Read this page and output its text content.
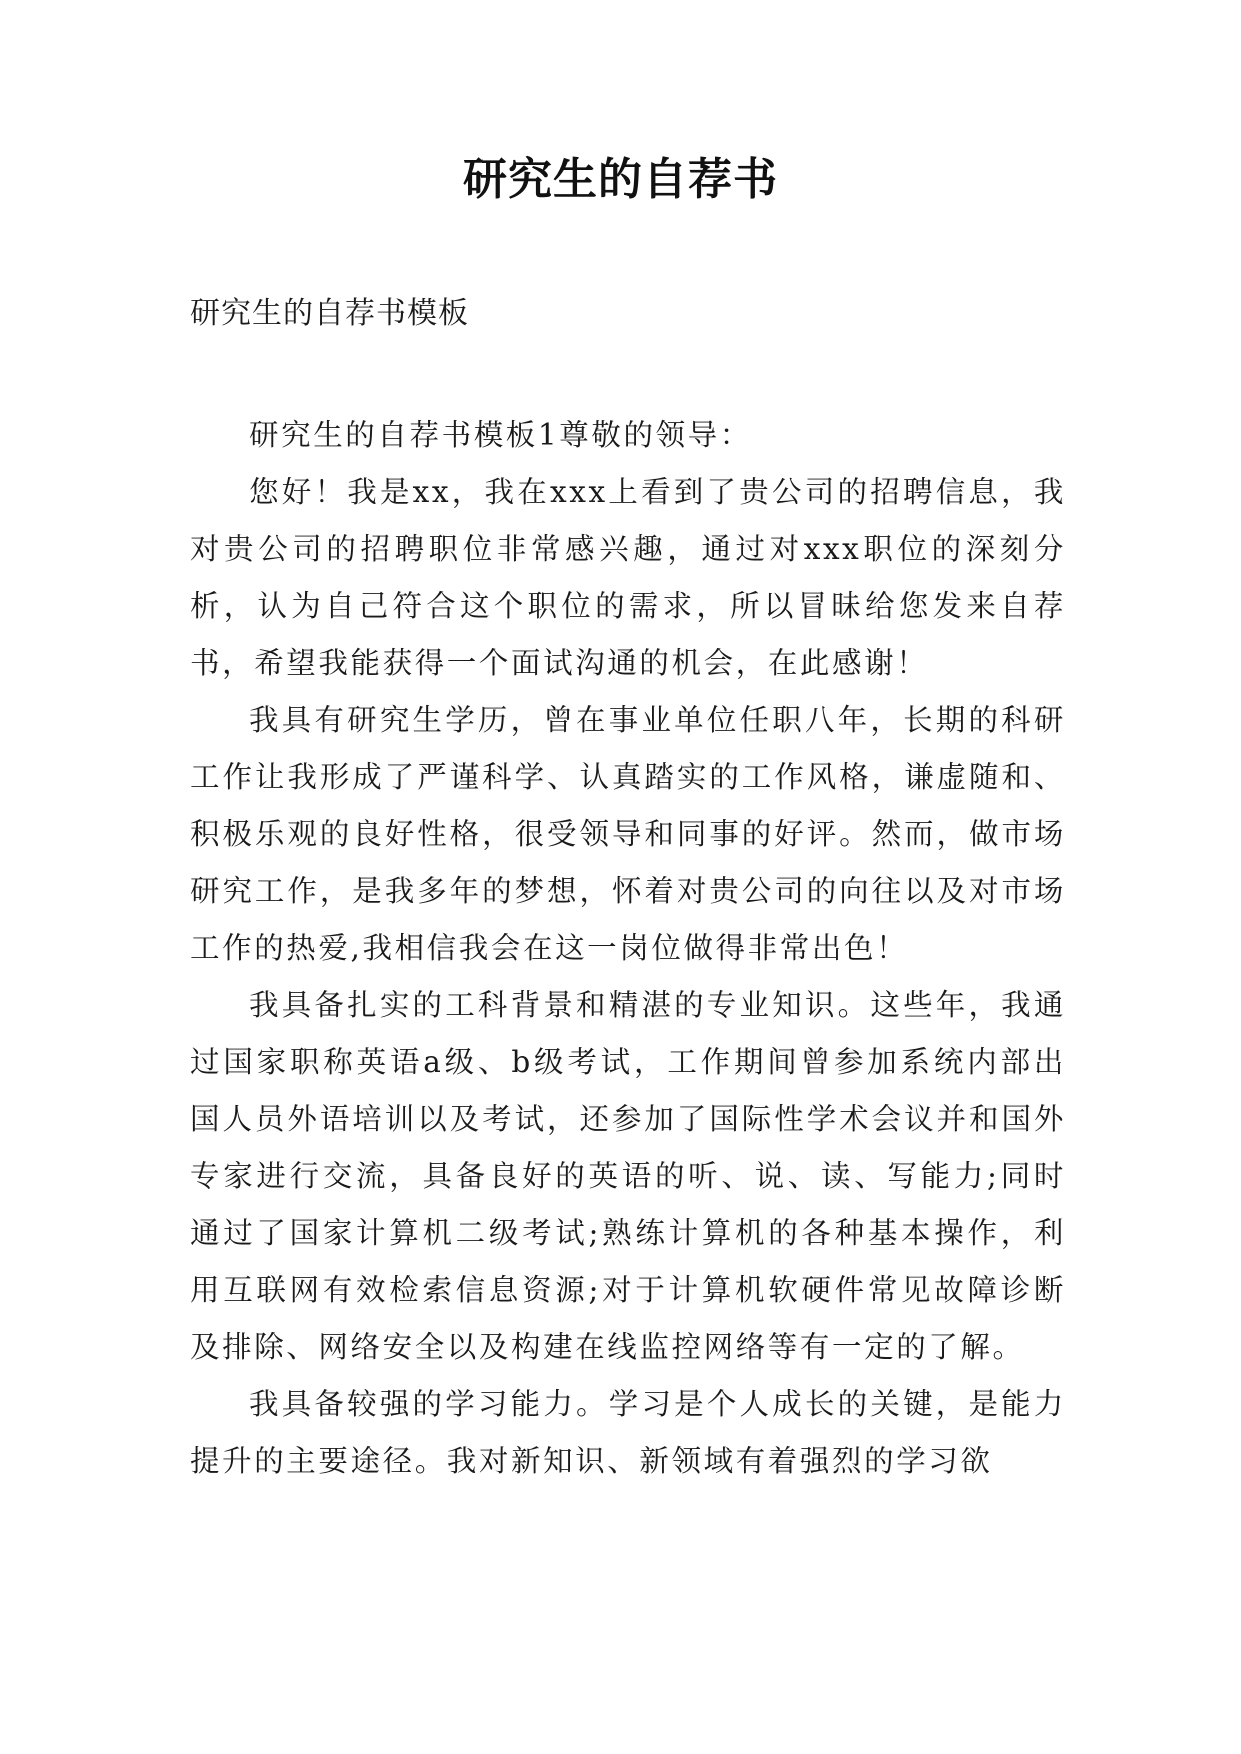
研究生的自荐书
研究生的自荐书模板

研究生的自荐书模板1尊敬的领导：

您好！我是xx，我在xxx上看到了贵公司的招聘信息，我对贵公司的招聘职位非常感兴趣，通过对xxx职位的深刻分析，认为自己符合这个职位的需求，所以冒昧给您发来自荐书，希望我能获得一个面试沟通的机会，在此感谢！

我具有研究生学历，曾在事业单位任职八年，长期的科研工作让我形成了严谨科学、认真踏实的工作风格，谦虚随和、积极乐观的良好性格，很受领导和同事的好评。然而，做市场研究工作，是我多年的梦想，怀着对贵公司的向往以及对市场工作的热爱,我相信我会在这一岗位做得非常出色！

我具备扎实的工科背景和精湛的专业知识。这些年，我通过国家职称英语a级、b级考试，工作期间曾参加系统内部出国人员外语培训以及考试，还参加了国际性学术会议并和国外专家进行交流，具备良好的英语的听、说、读、写能力;同时通过了国家计算机二级考试;熟练计算机的各种基本操作，利用互联网有效检索信息资源;对于计算机软硬件常见故障诊断及排除、网络安全以及构建在线监控网络等有一定的了解。

我具备较强的学习能力。学习是个人成长的关键，是能力提升的主要途径。我对新知识、新领域有着强烈的学习欲
